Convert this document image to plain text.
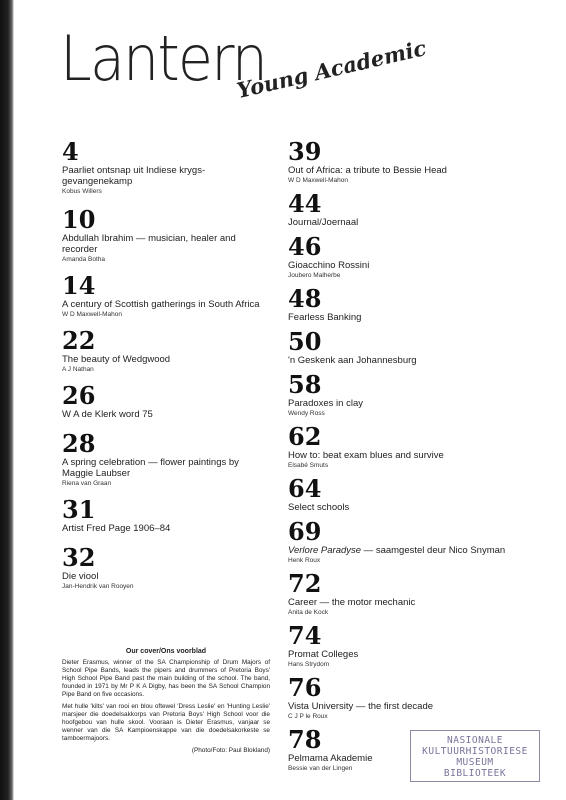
Lantern
Young Academic
4
Paarliet ontsnap uit Indiese krygs-gevangenekamp
Kobus Willers
10
Abdullah Ibrahim — musician, healer and recorder
Amanda Botha
14
A century of Scottish gatherings in South Africa
W D Maxwell-Mahon
22
The beauty of Wedgwood
A J Nathan
26
W A de Klerk word 75
28
A spring celebration — flower paintings by Maggie Laubser
Riena van Graan
31
Artist Fred Page 1906–84
32
Die viool
Jan-Hendrik van Rooyen
39
Out of Africa: a tribute to Bessie Head
W D Maxwell-Mahon
44
Journal/Joernaal
46
Gioacchino Rossini
Joubero Malherbe
48
Fearless Banking
50
'n Geskenk aan Johannesburg
58
Paradoxes in clay
Wendy Ross
62
How to: beat exam blues and survive
Elsabé Smuts
64
Select schools
69
Verlore Paradyse — saamgestel deur Nico Snyman
Henk Roux
72
Career — the motor mechanic
Anita de Kock
74
Promat Colleges
Hans Strydom
76
Vista University — the first decade
C J P le Roux
78
Pelmama Akademie
Bessie van der Lingen
Our cover/Ons voorblad

Dieter Erasmus, winner of the SA Championship of Drum Majors of School Pipe Bands, leads the pipers and drummers of Pretoria Boys' High School Pipe Band past the main building of the school. The band, founded in 1971 by Mr P K A Digby, has been the SA School Champion Pipe Band on five occasions.

Met hulle 'kilts' van rooi en blou oftewel 'Dress Leslie' en 'Hunting Leslie' marsjeer die doedelsakkorps van Pretoria Boys' High School voor die hoofgebou van hulle skool. Vooraan is Dieter Erasmus, vanjaar se wenner van die SA Kampioenskappe van die doedelsakorkeste se tamboermajoors.

(Photo/Foto: Paul Blokland)
NASIONALE
KULTUURHISTORIESE
MUSEUM
BIBLIOTEEK
